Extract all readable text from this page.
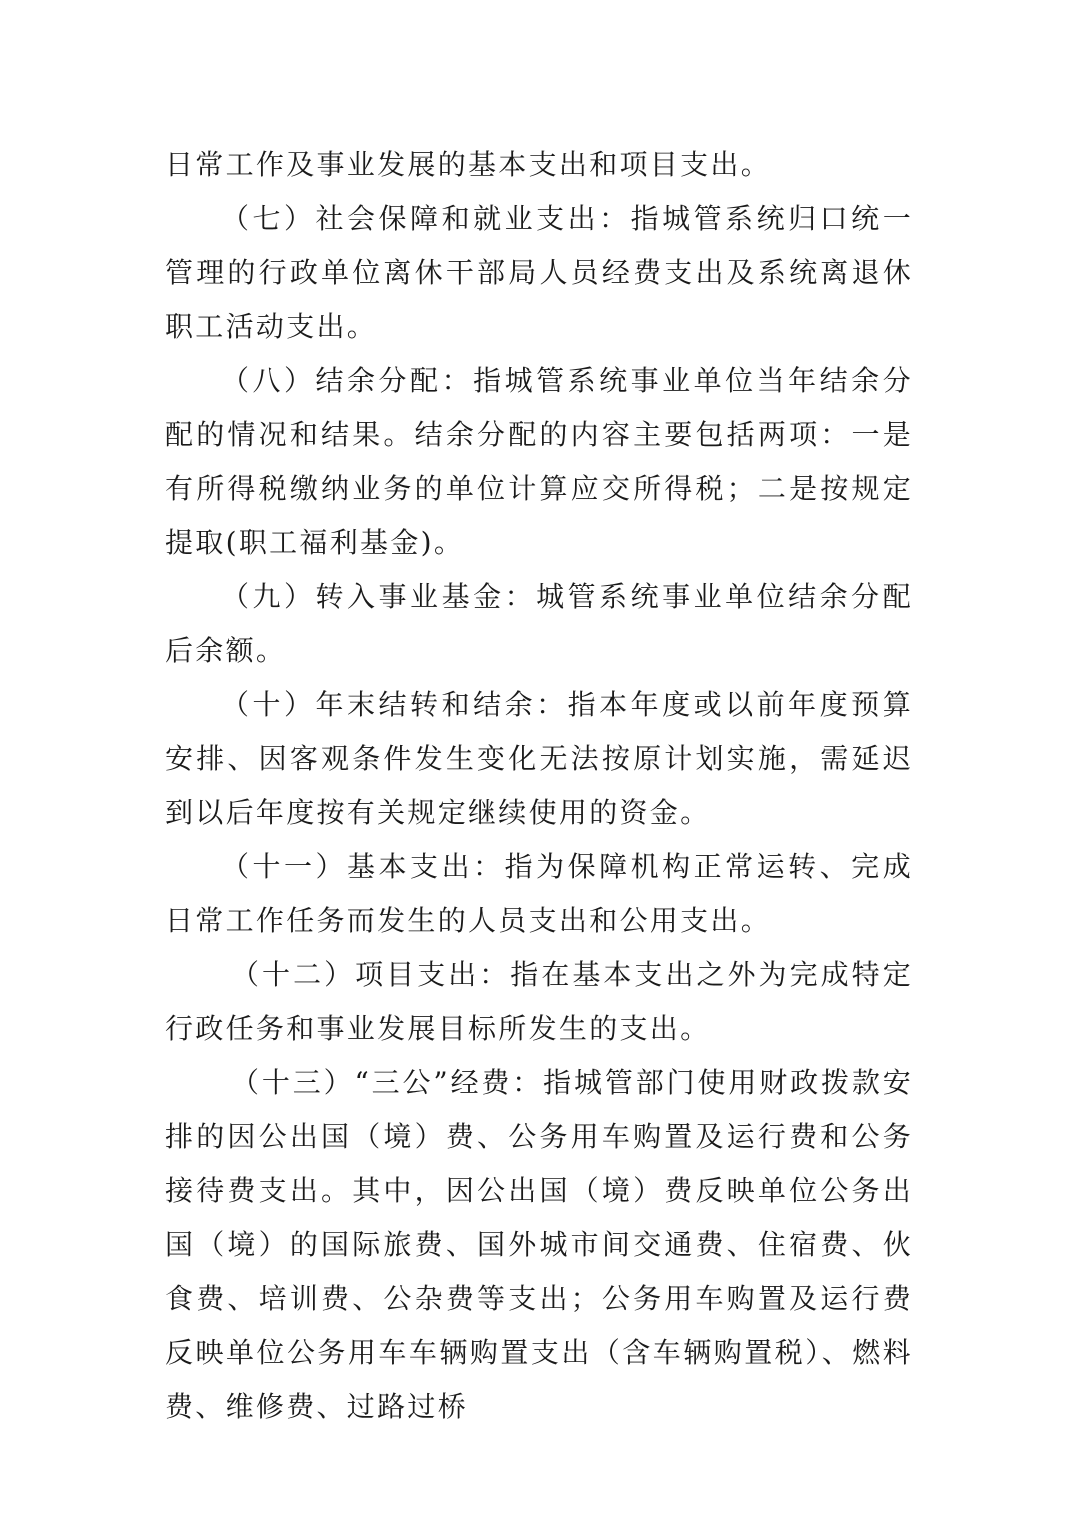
日常工作及事业发展的基本支出和项目支出。

（七）社会保障和就业支出：指城管系统归口统一管理的行政单位离休干部局人员经费支出及系统离退休职工活动支出。

（八）结余分配：指城管系统事业单位当年结余分配的情况和结果。结余分配的内容主要包括两项：一是有所得税缴纳业务的单位计算应交所得税；二是按规定提取(职工福利基金)。

（九）转入事业基金：城管系统事业单位结余分配后余额。

（十）年末结转和结余：指本年度或以前年度预算安排、因客观条件发生变化无法按原计划实施，需延迟到以后年度按有关规定继续使用的资金。

（十一）基本支出：指为保障机构正常运转、完成日常工作任务而发生的人员支出和公用支出。

（十二）项目支出：指在基本支出之外为完成特定行政任务和事业发展目标所发生的支出。

（十三）“三公”经费：指城管部门使用财政拨款安排的因公出国（境）费、公务用车购置及运行费和公务接待费支出。其中，因公出国（境）费反映单位公务出国（境）的国际旅费、国外城市间交通费、住宿费、伙食费、培训费、公杂费等支出；公务用车购置及运行费反映单位公务用车车辆购置支出（含车辆购置税）、燃料费、维修费、过路过桥
